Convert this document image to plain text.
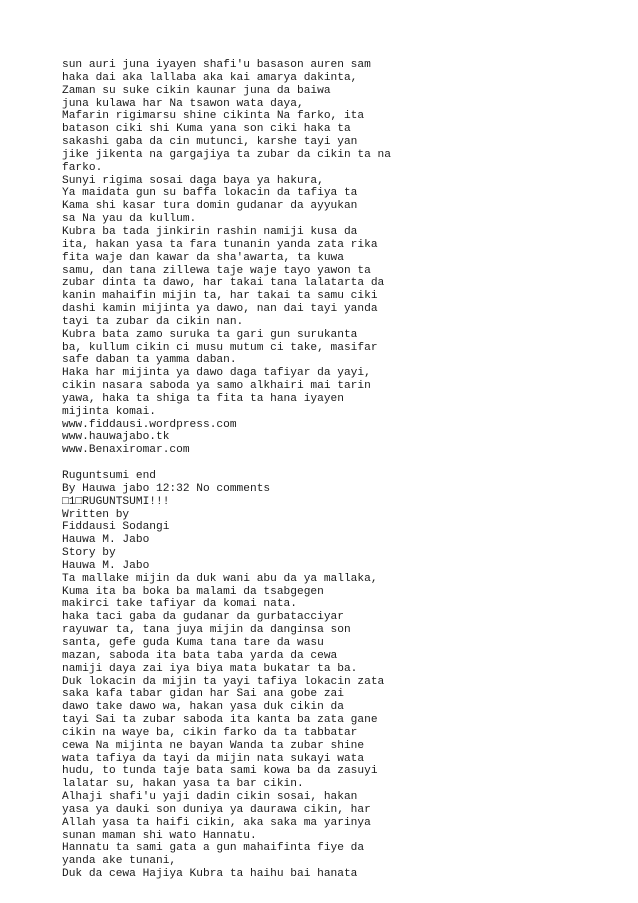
sun auri juna iyayen shafi'u basason auren sam
haka dai aka lallaba aka kai amarya dakinta,
Zaman su suke cikin kaunar juna da baiwa
juna kulawa har Na tsawon wata daya,
Mafarin rigimarsu shine cikinta Na farko, ita
batason ciki shi Kuma yana son ciki haka ta
sakashi gaba da cin mutunci, karshe tayi yan
jike jikenta na gargajiya ta zubar da cikin ta na
farko.
Sunyi rigima sosai daga baya ya hakura,
Ya maidata gun su baffa lokacin da tafiya ta
Kama shi kasar tura domin gudanar da ayyukan
sa Na yau da kullum.
Kubra ba tada jinkirin rashin namiji kusa da
ita, hakan yasa ta fara tunanin yanda zata rika
fita waje dan kawar da sha'awarta, ta kuwa
samu, dan tana zillewa taje waje tayo yawon ta
zubar dinta ta dawo, har takai tana lalatarta da
kanin mahaifin mijin ta, har takai ta samu ciki
dashi kamin mijinta ya dawo, nan dai tayi yanda
tayi ta zubar da cikin nan.
Kubra bata zamo suruka ta gari gun surukanta
ba, kullum cikin ci musu mutum ci take, masifar
safe daban ta yamma daban.
Haka har mijinta ya dawo daga tafiyar da yayi,
cikin nasara saboda ya samo alkhairi mai tarin
yawa, haka ta shiga ta fita ta hana iyayen
mijinta komai.
www.fiddausi.wordpress.com
www.hauwajabo.tk
www.Benaxiromar.com
Ruguntsumi end
By Hauwa jabo 12:32 No comments
□1□RUGUNTSUMI!!!
Written by
Fiddausi Sodangi
Hauwa M. Jabo
Story by
Hauwa M. Jabo
Ta mallake mijin da duk wani abu da ya mallaka,
Kuma ita ba boka ba malami da tsabgegen
makirci take tafiyar da komai nata.
haka taci gaba da gudanar da gurbatacciyar
rayuwar ta, tana juya mijin da danginsa son
santa, gefe guda Kuma tana tare da wasu
mazan, saboda ita bata taba yarda da cewa
namiji daya zai iya biya mata bukatar ta ba.
Duk lokacin da mijin ta yayi tafiya lokacin zata
saka kafa tabar gidan har Sai ana gobe zai
dawo take dawo wa, hakan yasa duk cikin da
tayi Sai ta zubar saboda ita kanta ba zata gane
cikin na waye ba, cikin farko da ta tabbatar
cewa Na mijinta ne bayan Wanda ta zubar shine
wata tafiya da tayi da mijin nata sukayi wata
hudu, to tunda taje bata sami kowa ba da zasuyi
lalatar su, hakan yasa ta bar cikin.
Alhaji shafi'u yaji dadin cikin sosai, hakan
yasa ya dauki son duniya ya daurawa cikin, har
Allah yasa ta haifi cikin, aka saka ma yarinya
sunan maman shi wato Hannatu.
Hannatu ta sami gata a gun mahaifinta fiye da
yanda ake tunani,
Duk da cewa Hajiya Kubra ta haihu bai hanata
